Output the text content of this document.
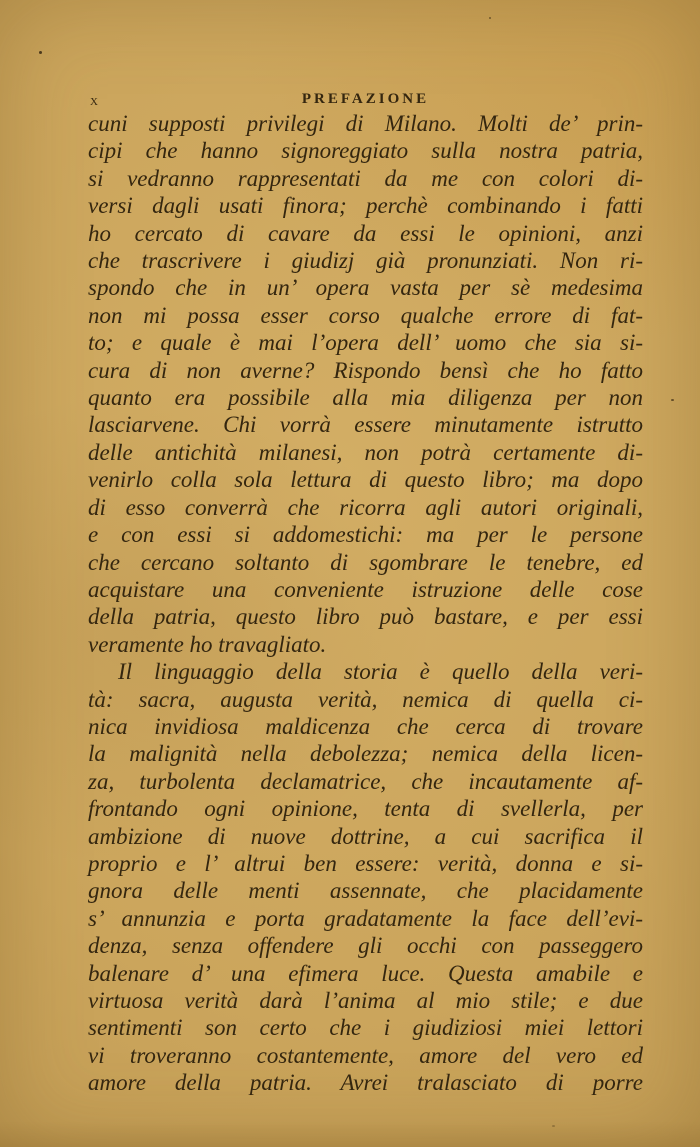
x	PREFAZIONE
cuni supposti privilegi di Milano. Molti de’ prin-
cipi che hanno signoreggiato sulla nostra patria,
si vedranno rappresentati da me con colori di-
versi dagli usati finora; perchè combinando i fatti
ho cercato di cavare da essi le opinioni, anzi
che trascrivere i giudizj già pronunziati. Non ri-
spondo che in un’ opera vasta per sè medesima
non mi possa esser corso qualche errore di fat-
to; e quale è mai l’opera dell’ uomo che sia si-
cura di non averne? Rispondo bensì che ho fatto
quanto era possibile alla mia diligenza per non
lasciarvene. Chi vorrà essere minutamente istrutto
delle antichità milanesi, non potrà certamente di-
venirlo colla sola lettura di questo libro; ma dopo
di esso converrà che ricorra agli autori originali,
e con essi si addomestichi: ma per le persone
che cercano soltanto di sgombrare le tenebre, ed
acquistare una conveniente istruzione delle cose
della patria, questo libro può bastare, e per essi
veramente ho travagliato.
Il linguaggio della storia è quello della veri-
tà: sacra, augusta verità, nemica di quella ci-
nica invidiosa maldicenza che cerca di trovare
la malignità nella debolezza; nemica della licen-
za, turbolenta declamatrice, che incautamente af-
frontando ogni opinione, tenta di svellerla, per
ambizione di nuove dottrine, a cui sacrifica il
proprio e l’ altrui ben essere: verità, donna e si-
gnora delle menti assennate, che placidamente
s’ annunzia e porta gradatamente la face dell’evi-
denza, senza offendere gli occhi con passeggero
balenare d’ una efimera luce. Questa amabile e
virtuosa verità darà l’anima al mio stile; e due
sentimenti son certo che i giudiziosi miei lettori
vi troveranno costantemente, amore del vero ed
amore della patria. Avrei tralasciato di porre
